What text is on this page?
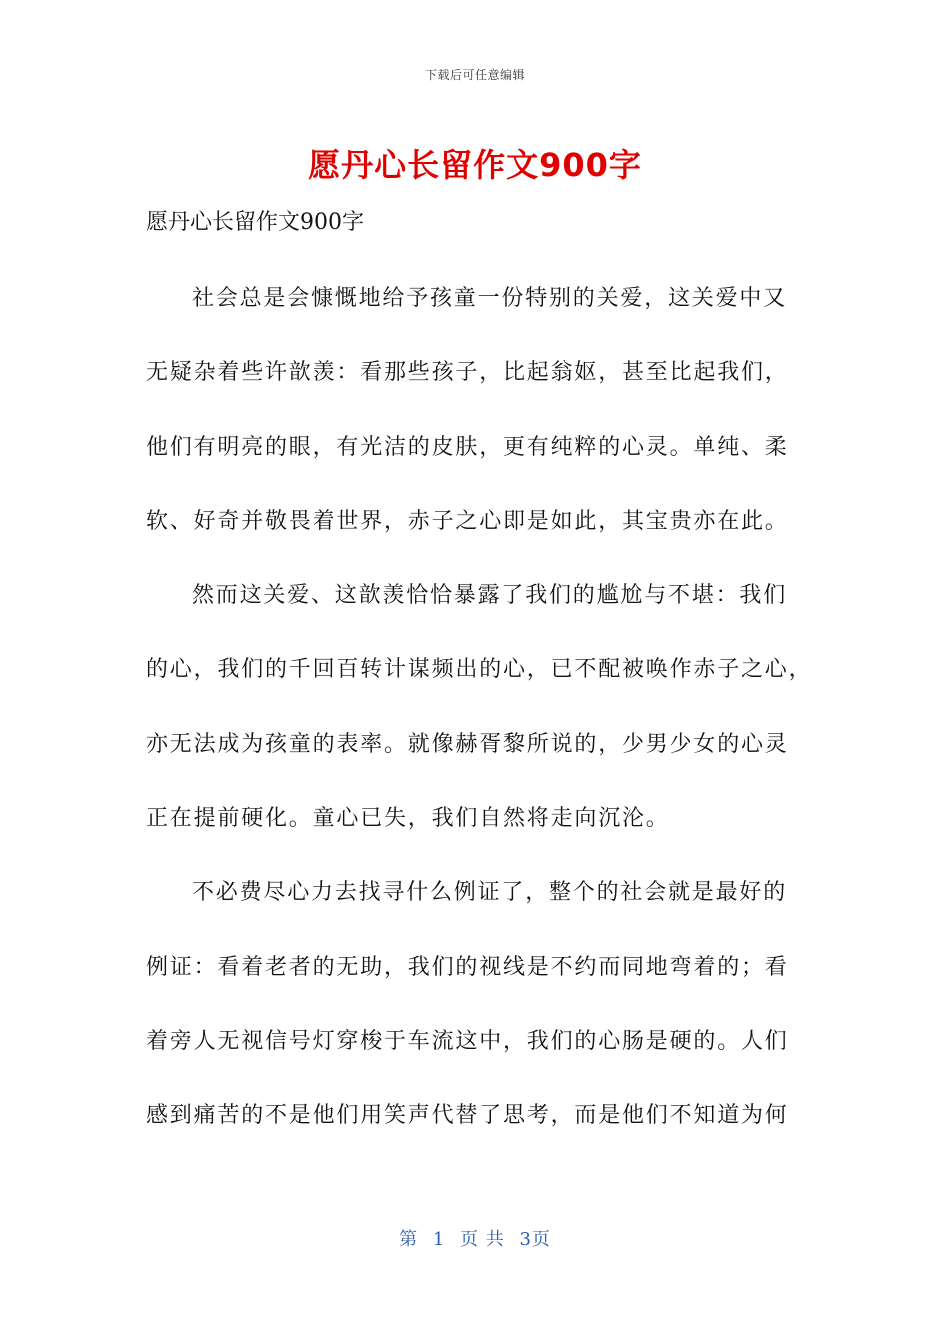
下载后可任意编辑
愿丹心长留作文900字
愿丹心长留作文900字
社会总是会慷慨地给予孩童一份特别的关爱，这关爱中又
无疑杂着些许歆羡：看那些孩子，比起翁妪，甚至比起我们，
他们有明亮的眼，有光洁的皮肤，更有纯粹的心灵。单纯、柔
软、好奇并敬畏着世界，赤子之心即是如此，其宝贵亦在此。
然而这关爱、这歆羡恰恰暴露了我们的尴尬与不堪：我们
的心，我们的千回百转计谋频出的心，已不配被唤作赤子之心，
亦无法成为孩童的表率。就像赫胥黎所说的，少男少女的心灵
正在提前硬化。童心已失，我们自然将走向沉沦。
不必费尽心力去找寻什么例证了，整个的社会就是最好的
例证：看着老者的无助，我们的视线是不约而同地弯着的；看
着旁人无视信号灯穿梭于车流这中，我们的心肠是硬的。人们
感到痛苦的不是他们用笑声代替了思考，而是他们不知道为何
第 1 页 共 3页
